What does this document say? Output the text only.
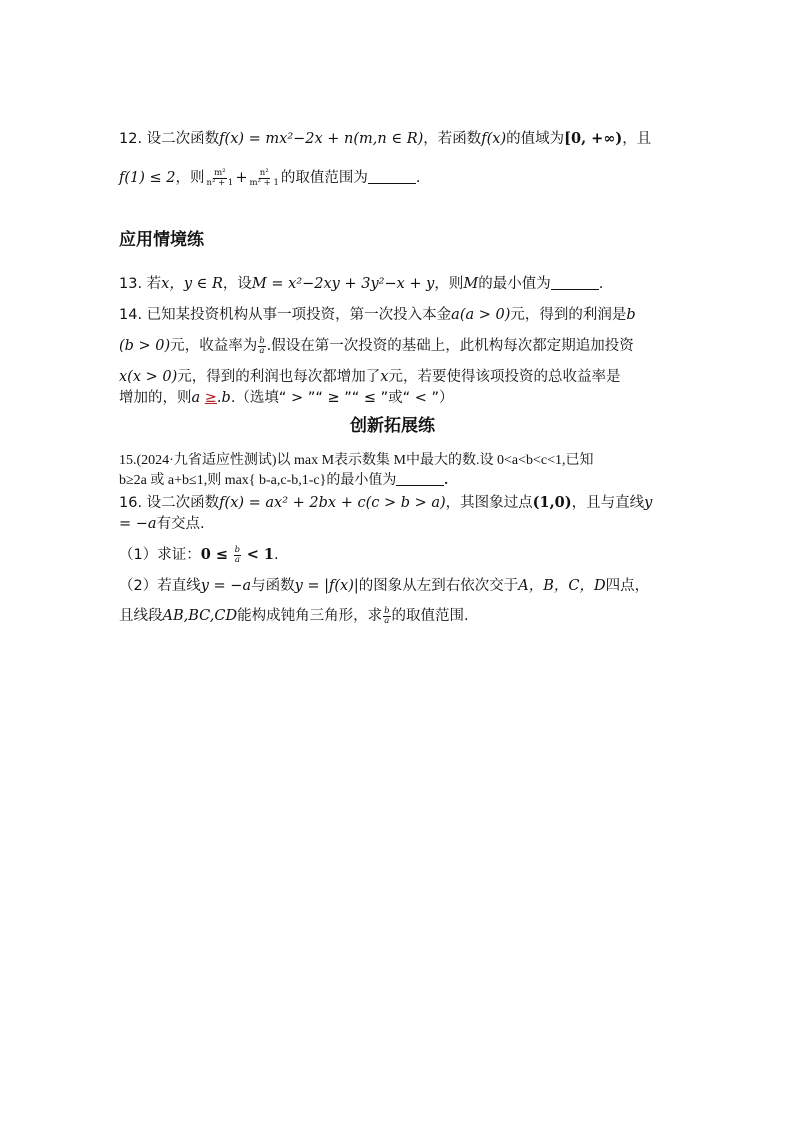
12. 设二次函数f(x) = mx²−2x + n(m,n ∈ R)，若函数f(x)的值域为[0, +∞)，且
f(1) ≤ 2，则 $\frac{\text{m²}}{\text{n² + 1}} + \frac{\text{n²}}{\text{m² + 1}}$ 的取值范围为	.
应用情境练
13. 若x，y ∈ R，设M = x²−2xy + 3y²−x + y，则M的最小值为	.
14. 已知某投资机构从事一项投资，第一次投入本金a(a > 0)元，得到的利润是b
(b > 0)元，收益率为 $\frac{b}{a}$ .假设在第一次投资的基础上，此机构每次都定期追加投资
x(x > 0)元，得到的利润也每次都增加了x元，若要使得该项投资的总收益率是
增加的，则a ≥.b.（选填“ > ”“ ≥ ”“ ≤ ”或“ < ”）
创新拓展练
15.(2024·九省适应性测试)以 max M表示数集 M中最大的数.设 0<a<b<c<1,已知
b≥2a 或 a+b≤1,则 max{ b-a,c-b,1-c}的最小值为	.
16. 设二次函数f(x) = ax² + 2bx + c(c > b > a)，其图象过点(1,0)，且与直线y
= −a有交点.
（1）求证：$0 \le \frac{b}{a} < 1$.
（2）若直线y = −a与函数y = |f(x)|的图象从左到右依次交于A，B，C，D四点，
且线段AB,BC,CD能构成钝角三角形，求 $\frac{b}{a}$ 的取值范围.
